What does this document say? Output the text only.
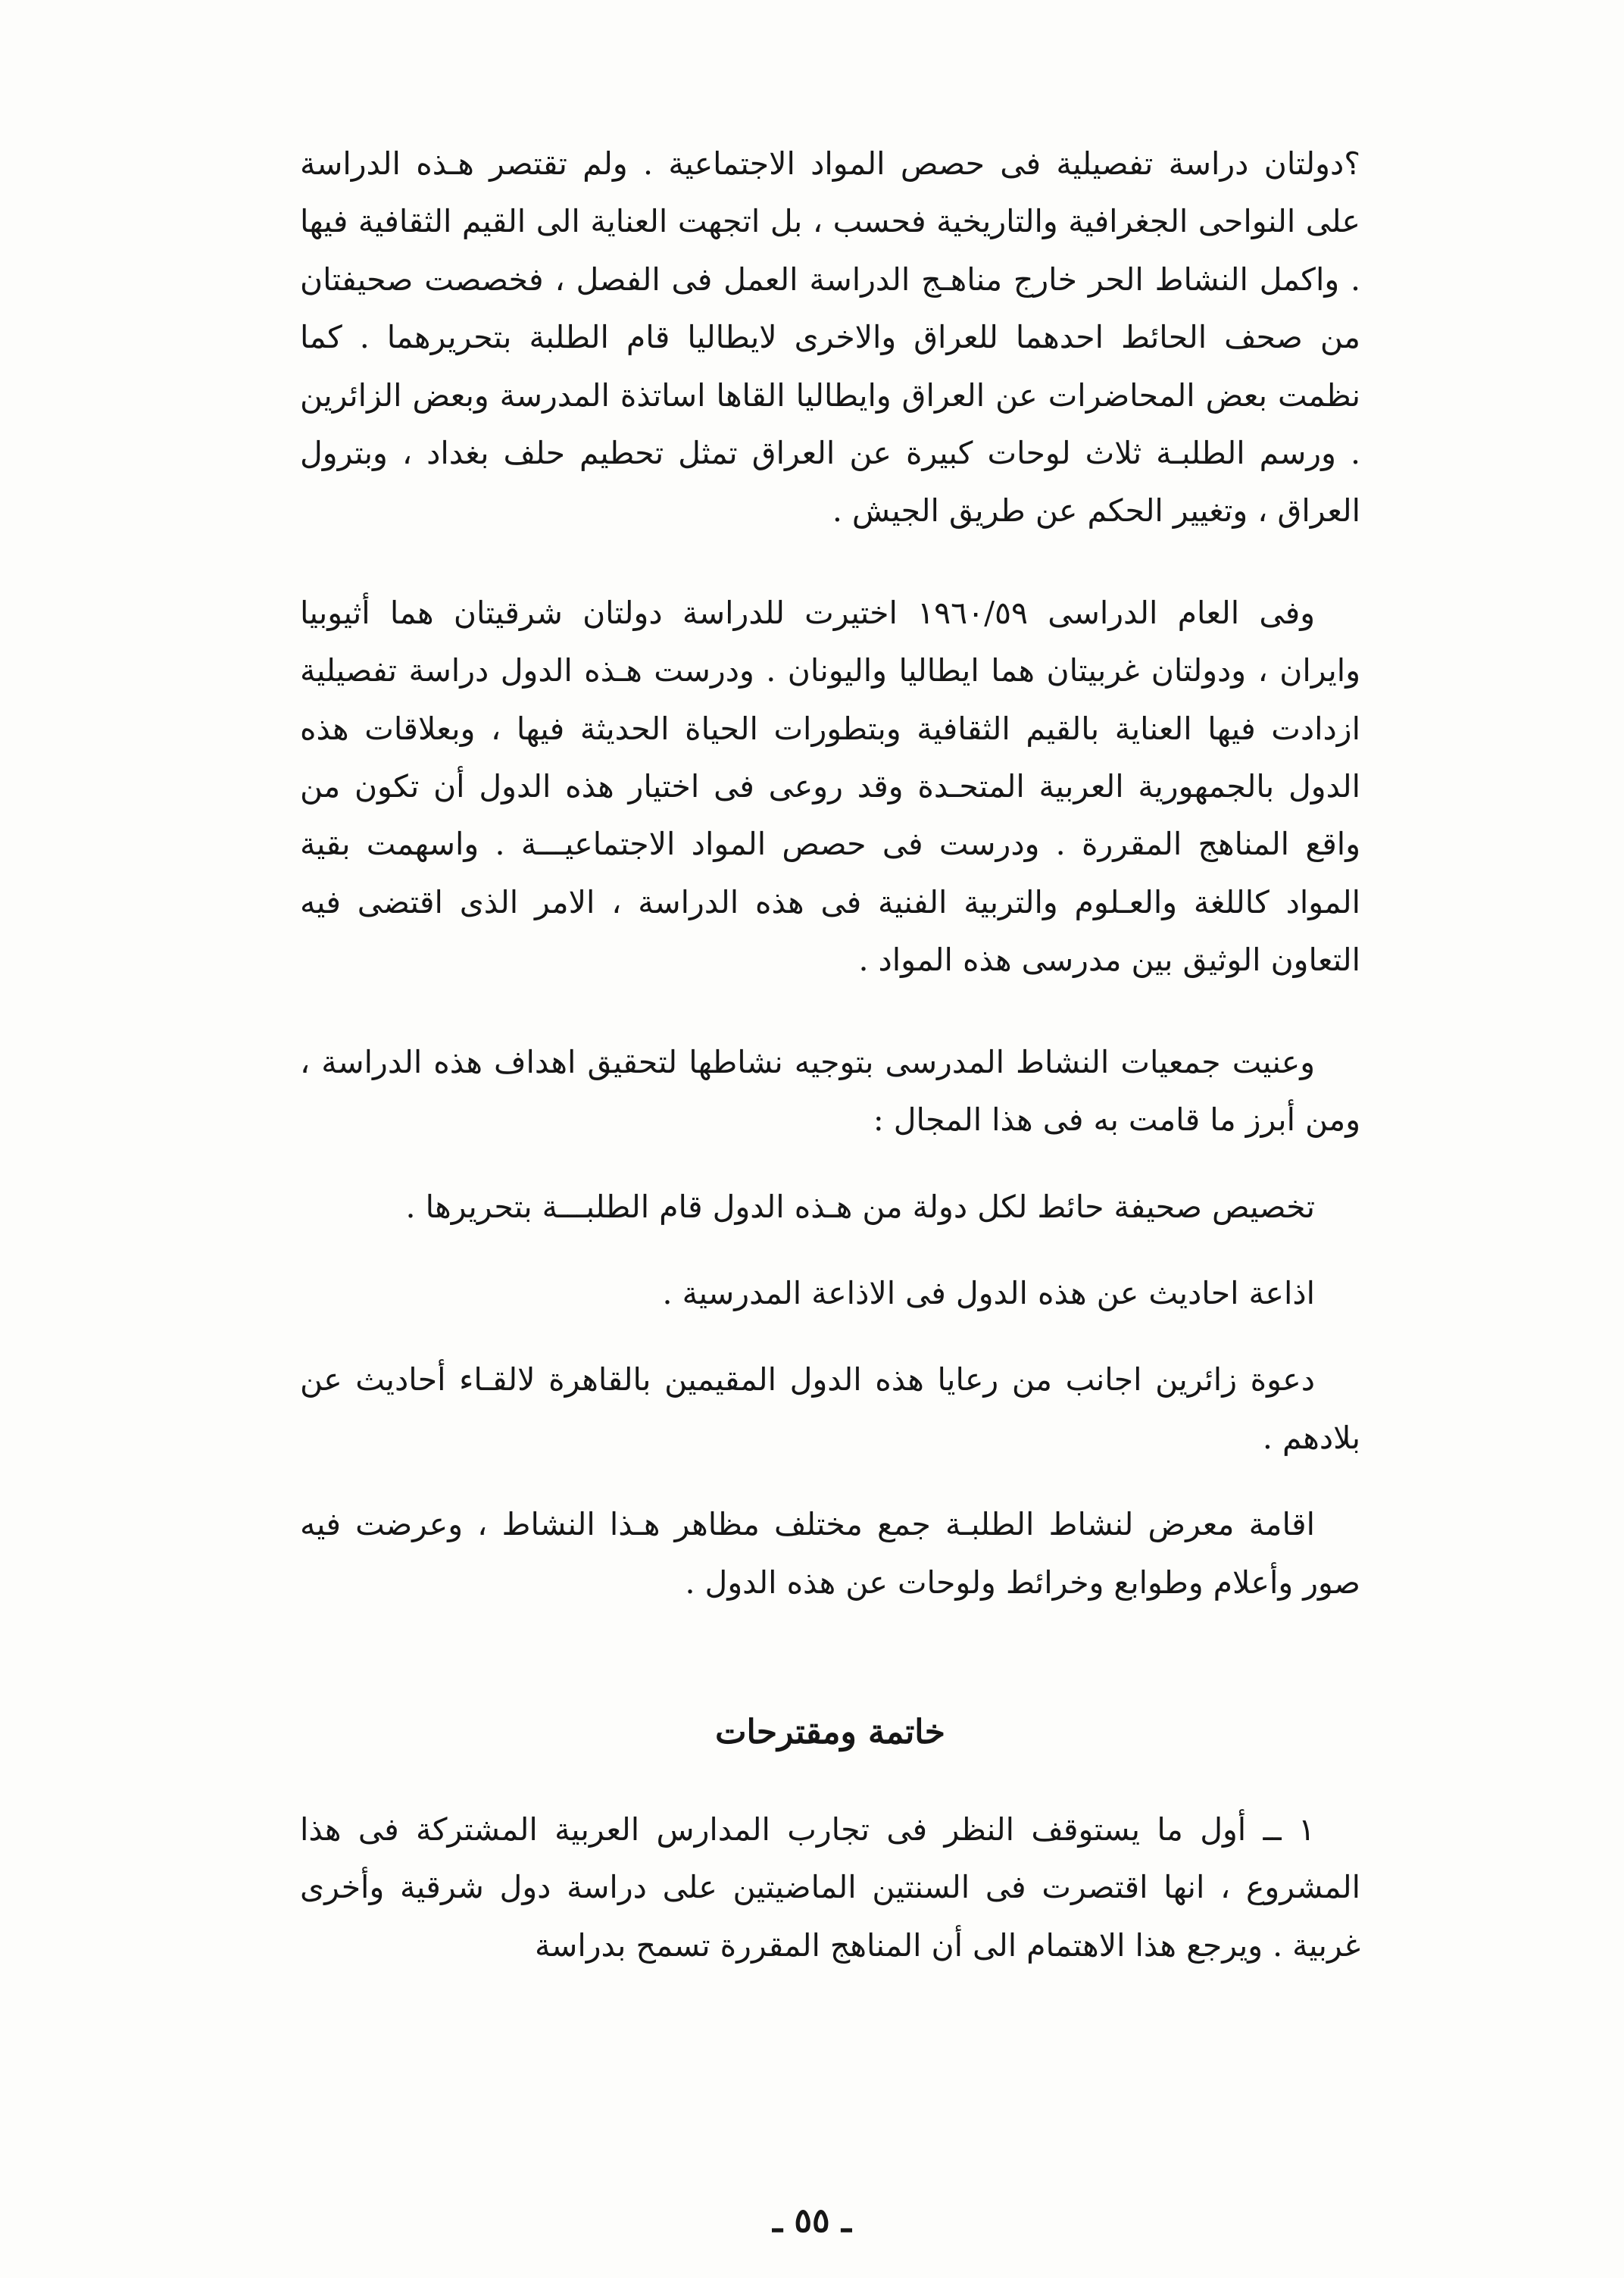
؟دولتان دراسة تفصيلية فى حصص المواد الاجتماعية . ولم تقتصر هـذه الدراسة على النواحى الجغرافية والتاريخية فحسب ، بل اتجهت العناية الى القيم الثقافية فيها . واكمل النشاط الحر خارج مناهـج الدراسة العمل فى الفصل ، فخصصت صحيفتان من صحف الحائط احدهما للعراق والاخرى لايطاليا قام الطلبة بتحريرهما . كما نظمت بعض المحاضرات عن العراق وايطاليا القاها اساتذة المدرسة وبعض الزائرين . ورسم الطلبـة ثلاث لوحات كبيرة عن العراق تمثل تحطيم حلف بغداد ، وبترول العراق ، وتغيير الحكم عن طريق الجيش .

وفى العام الدراسى ١٩٦٠/٥٩ اختيرت للدراسة دولتان شرقيتان هما أثيوبيا وايران ، ودولتان غربيتان هما ايطاليا واليونان . ودرست هـذه الدول دراسة تفصيلية ازدادت فيها العناية بالقيم الثقافية وبتطورات الحياة الحديثة فيها ، وبعلاقات هذه الدول بالجمهورية العربية المتحـدة وقد روعى فى اختيار هذه الدول أن تكون من واقع المناهج المقررة . ودرست فى حصص المواد الاجتماعيـــة . واسهمت بقية المواد كاللغة والعـلوم والتربية الفنية فى هذه الدراسة ، الامر الذى اقتضى فيه التعاون الوثيق بين مدرسى هذه المواد .

وعنيت جمعيات النشاط المدرسى بتوجيه نشاطها لتحقيق اهداف هذه الدراسة ، ومن أبرز ما قامت به فى هذا المجال :

تخصيص صحيفة حائط لكل دولة من هـذه الدول قام الطلبـــة بتحريرها .

اذاعة احاديث عن هذه الدول فى الاذاعة المدرسية .

دعوة زائرين اجانب من رعايا هذه الدول المقيمين بالقاهرة لالقـاء أحاديث عن بلادهم .

اقامة معرض لنشاط الطلبـة جمع مختلف مظاهر هـذا النشاط ، وعرضت فيه صور وأعلام وطوابع وخرائط ولوحات عن هذه الدول .

خاتمة ومقترحات

١ ــ أول ما يستوقف النظر فى تجارب المدارس العربية المشتركة فى هذا المشروع ، انها اقتصرت فى السنتين الماضيتين على دراسة دول شرقية وأخرى غربية . ويرجع هذا الاهتمام الى أن المناهج المقررة تسمح بدراسة

ـ ٥٥ ـ
